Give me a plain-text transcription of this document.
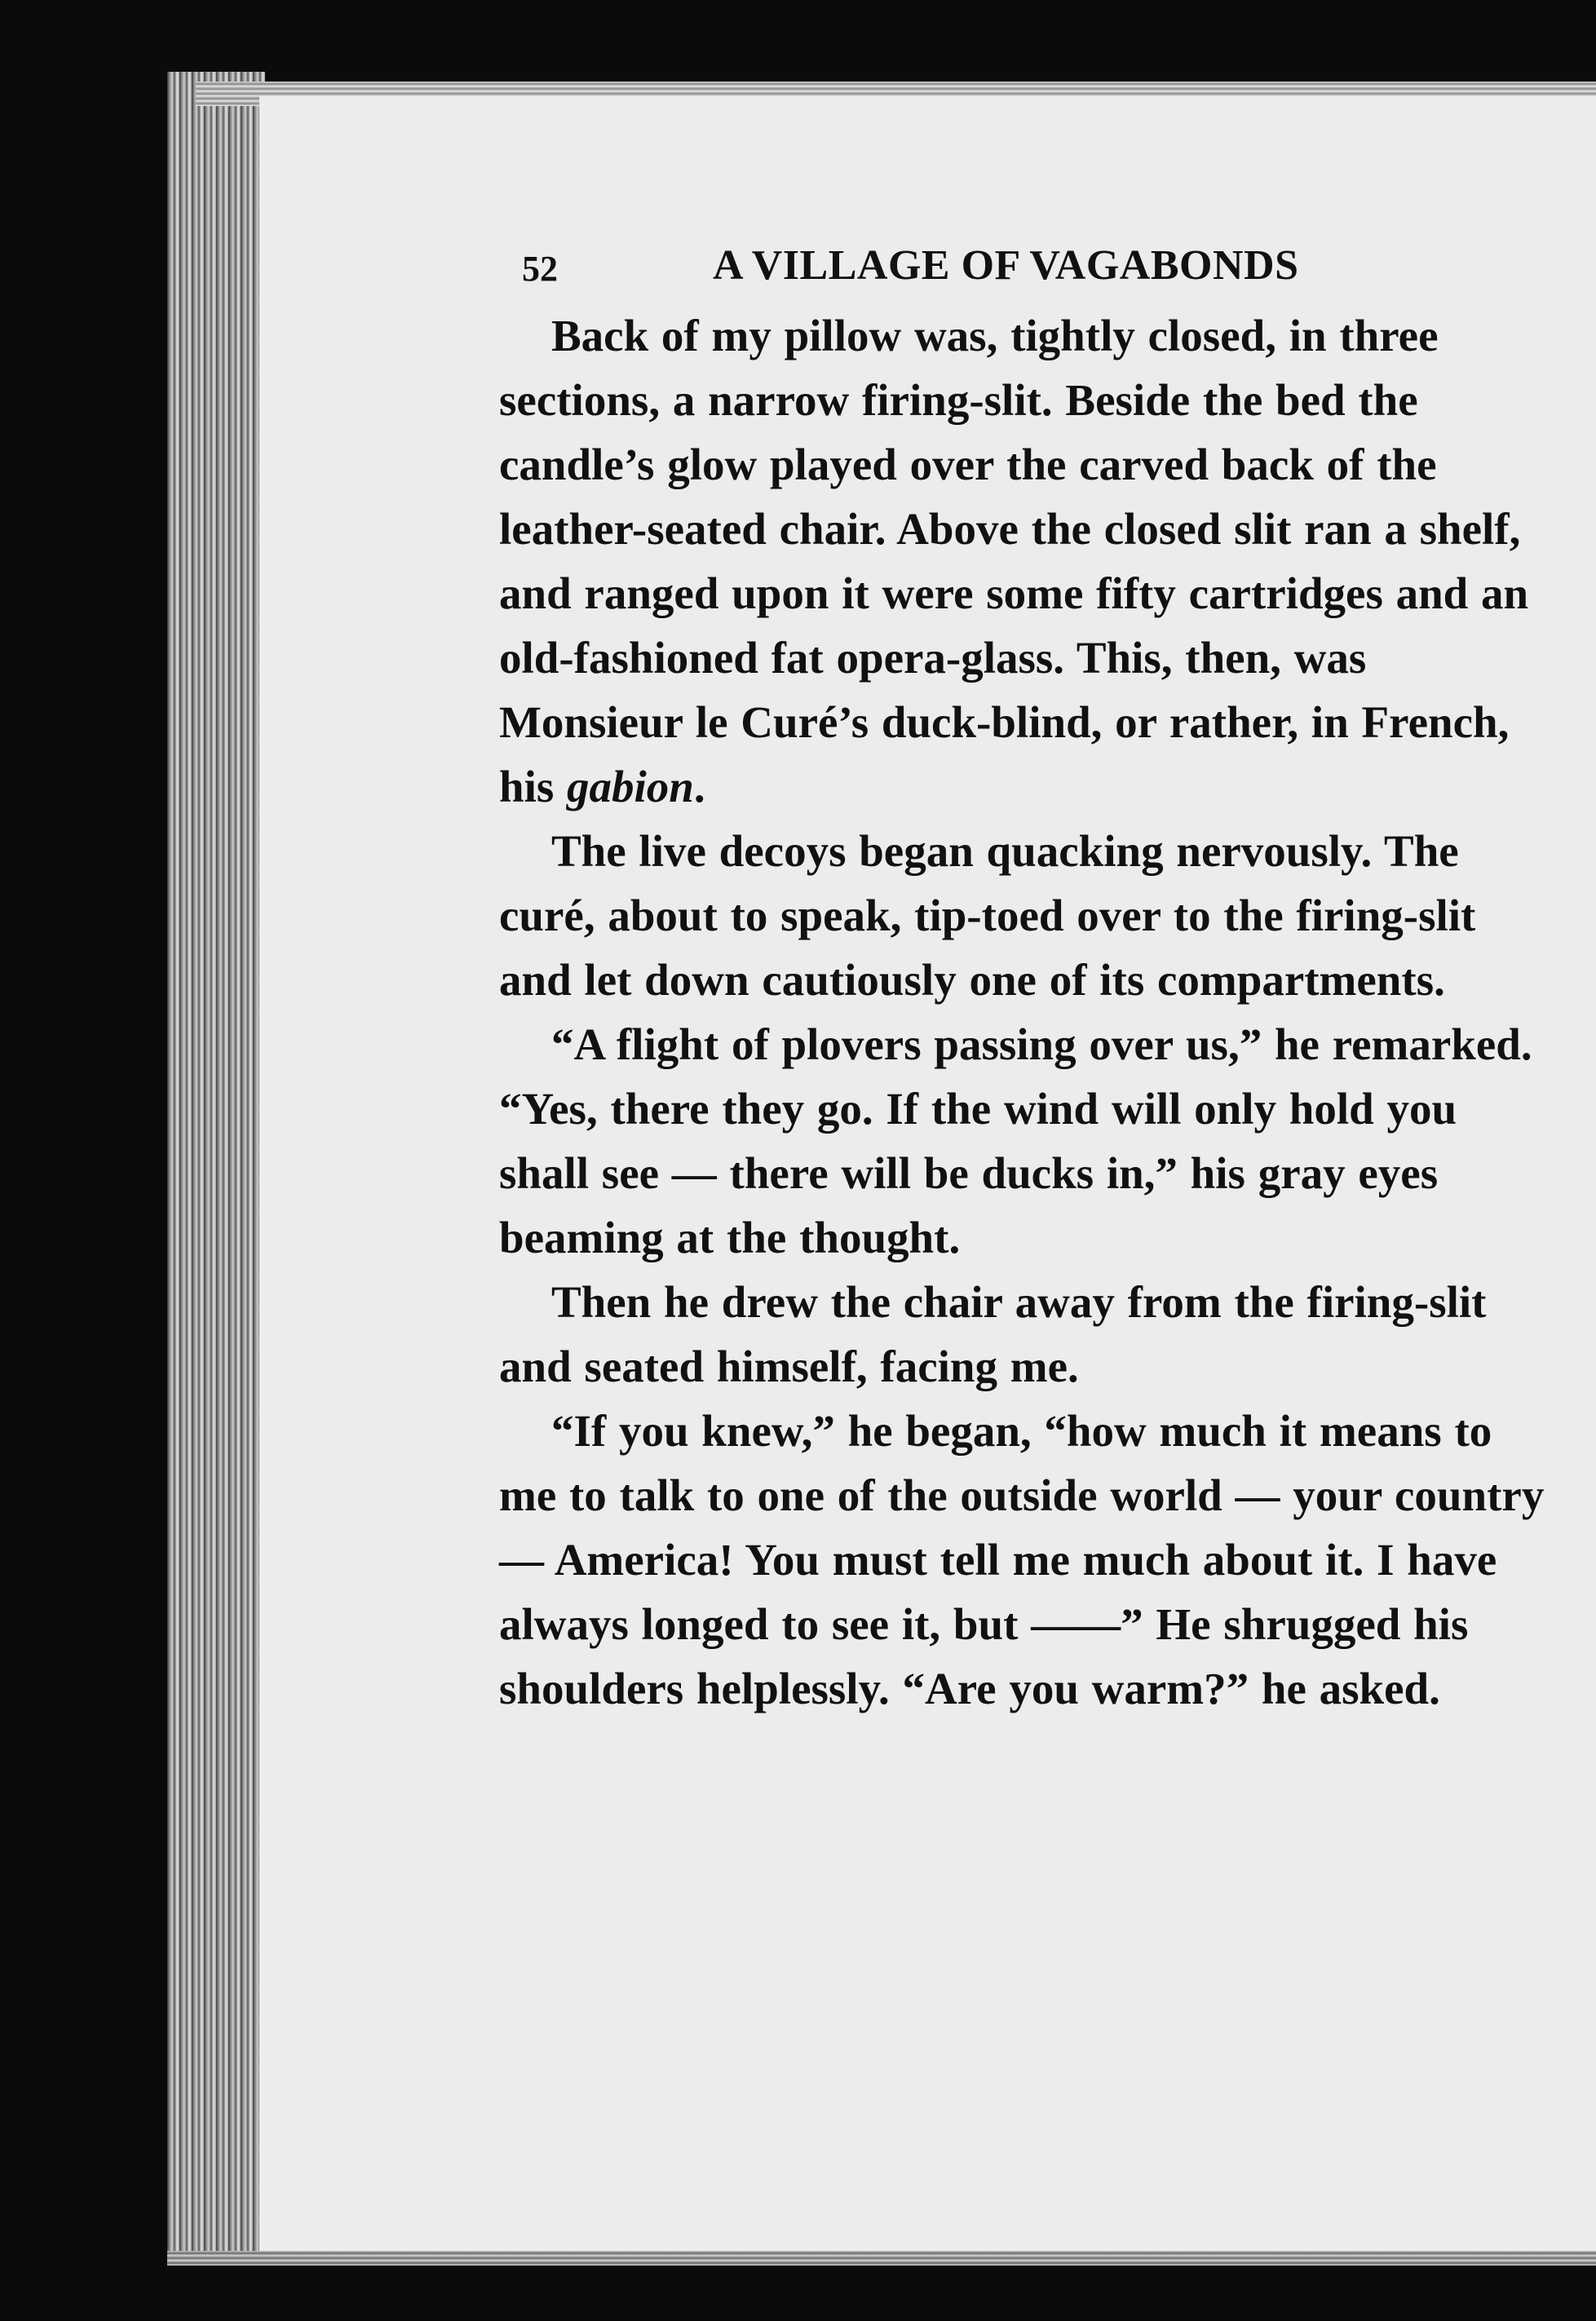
52	A VILLAGE OF VAGABONDS

Back of my pillow was, tightly closed, in three sections, a narrow firing-slit. Beside the bed the candle’s glow played over the carved back of the leather-seated chair. Above the closed slit ran a shelf, and ranged upon it were some fifty cartridges and an old-fashioned fat opera-glass. This, then, was Monsieur le Curé’s duck-blind, or rather, in French, his gabion.

The live decoys began quacking nervously. The curé, about to speak, tip-toed over to the firing-slit and let down cautiously one of its compartments.

“A flight of plovers passing over us,” he remarked. “Yes, there they go. If the wind will only hold you shall see — there will be ducks in,” his gray eyes beaming at the thought.

Then he drew the chair away from the firing-slit and seated himself, facing me.

“If you knew,” he began, “how much it means to me to talk to one of the outside world — your country — America! You must tell me much about it. I have always longed to see it, but ——” He shrugged his shoulders helplessly. “Are you warm?” he asked.
